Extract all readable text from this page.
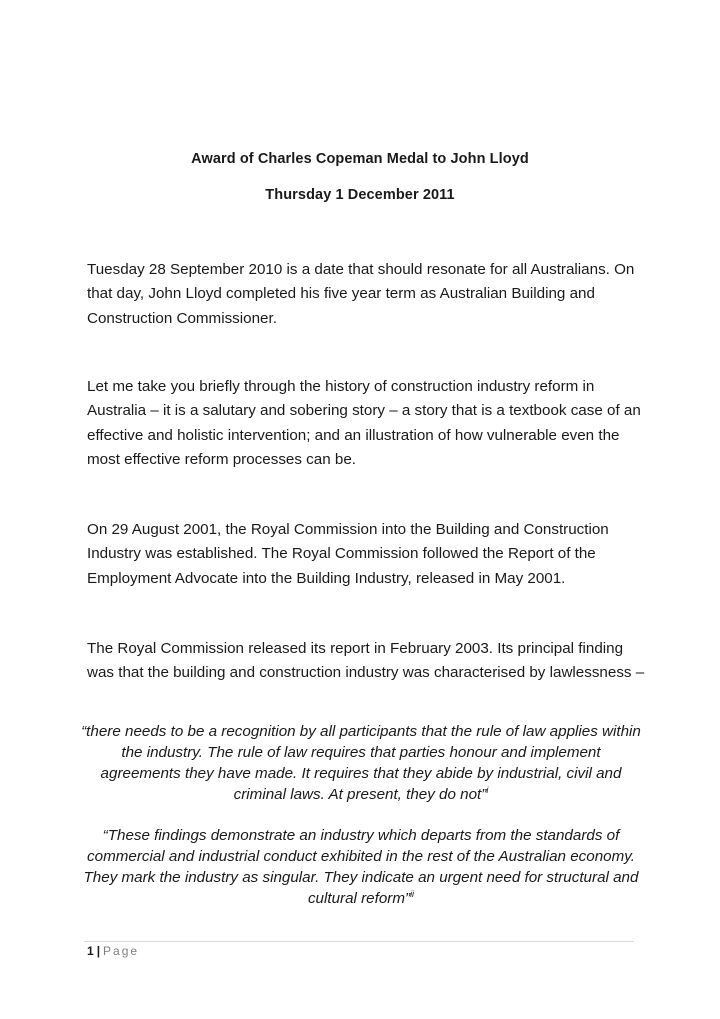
Award of Charles Copeman Medal to John Lloyd
Thursday 1 December 2011

Tuesday 28 September 2010 is a date that should resonate for all Australians. On that day, John Lloyd completed his five year term as Australian Building and Construction Commissioner.

Let me take you briefly through the history of construction industry reform in Australia – it is a salutary and sobering story – a story that is a textbook case of an effective and holistic intervention; and an illustration of how vulnerable even the most effective reform processes can be.

On 29 August 2001, the Royal Commission into the Building and Construction Industry was established. The Royal Commission followed the Report of the Employment Advocate into the Building Industry, released in May 2001.

The Royal Commission released its report in February 2003. Its principal finding was that the building and construction industry was characterised by lawlessness –

“there needs to be a recognition by all participants that the rule of law applies within the industry. The rule of law requires that parties honour and implement agreements they have made. It requires that they abide by industrial, civil and criminal laws. At present, they do not”$^i$

“These findings demonstrate an industry which departs from the standards of commercial and industrial conduct exhibited in the rest of the Australian economy. They mark the industry as singular. They indicate an urgent need for structural and cultural reform”$^{ii}$

1 | Page
